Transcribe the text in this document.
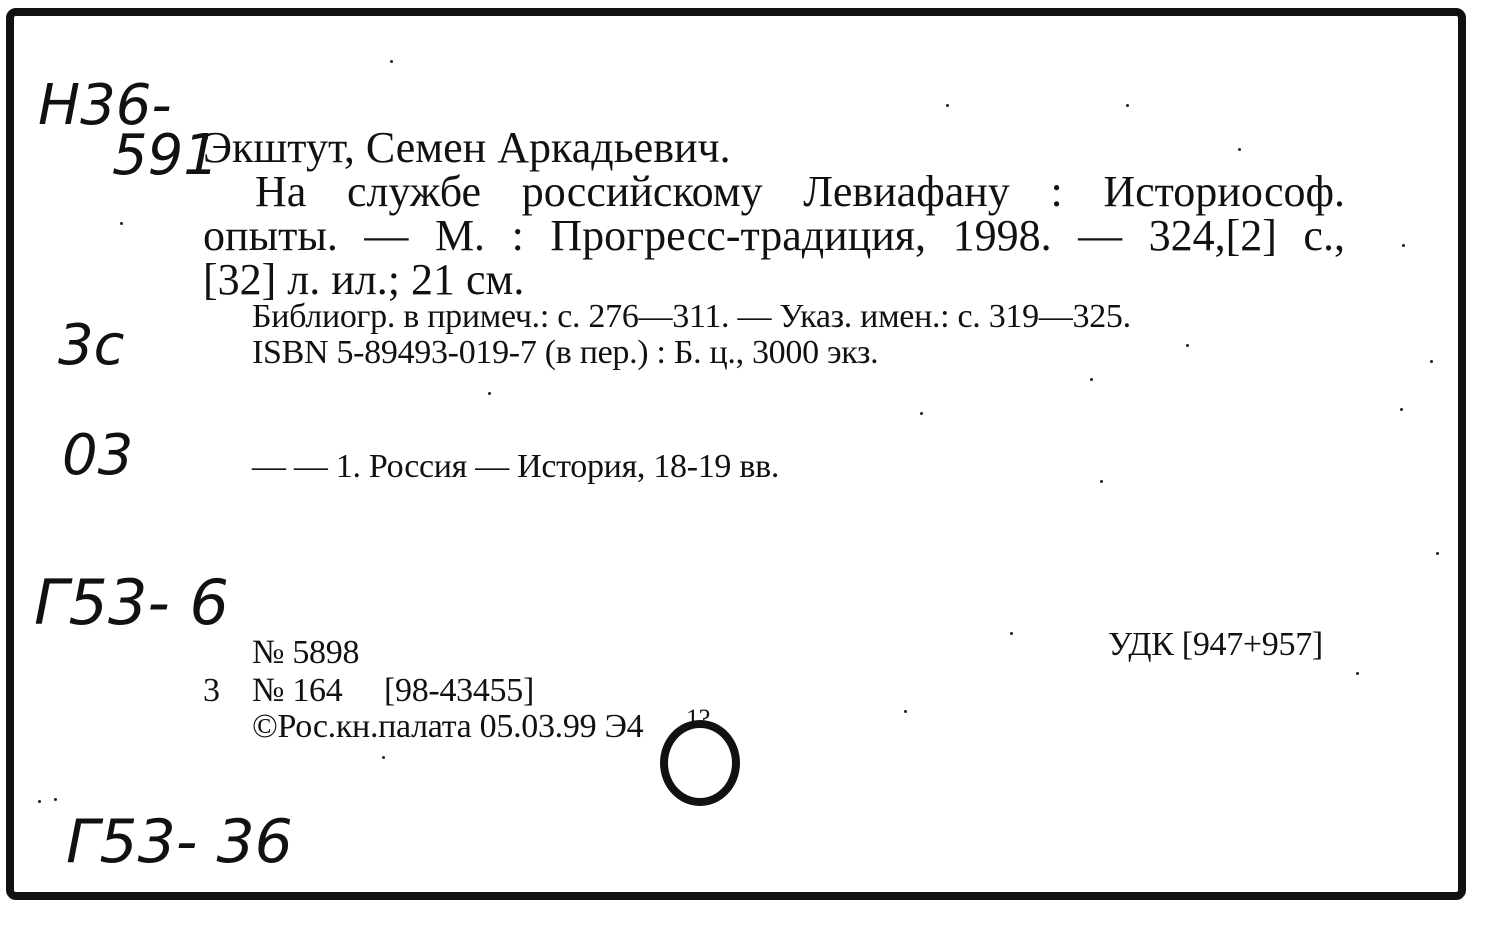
Н36-
591
3с
03
Г53- 6
Г53- 36
Экштут, Семен Аркадьевич.
На службе российскому Левиафану : Историософ.
опыты. — М. : Прогресс-традиция, 1998. — 324,[2] с.,
[32] л. ил.; 21 см.
Библиогр. в примеч.: с. 276—311. — Указ. имен.: с. 319—325.
ISBN 5-89493-019-7 (в пер.) : Б. ц., 3000 экз.
— — 1. Россия — История, 18-19 вв.
№ 5898	УДК [947+957]
3 № 164 [98-43455]
©Рос.кн.палата 05.03.99 Э4 1?
